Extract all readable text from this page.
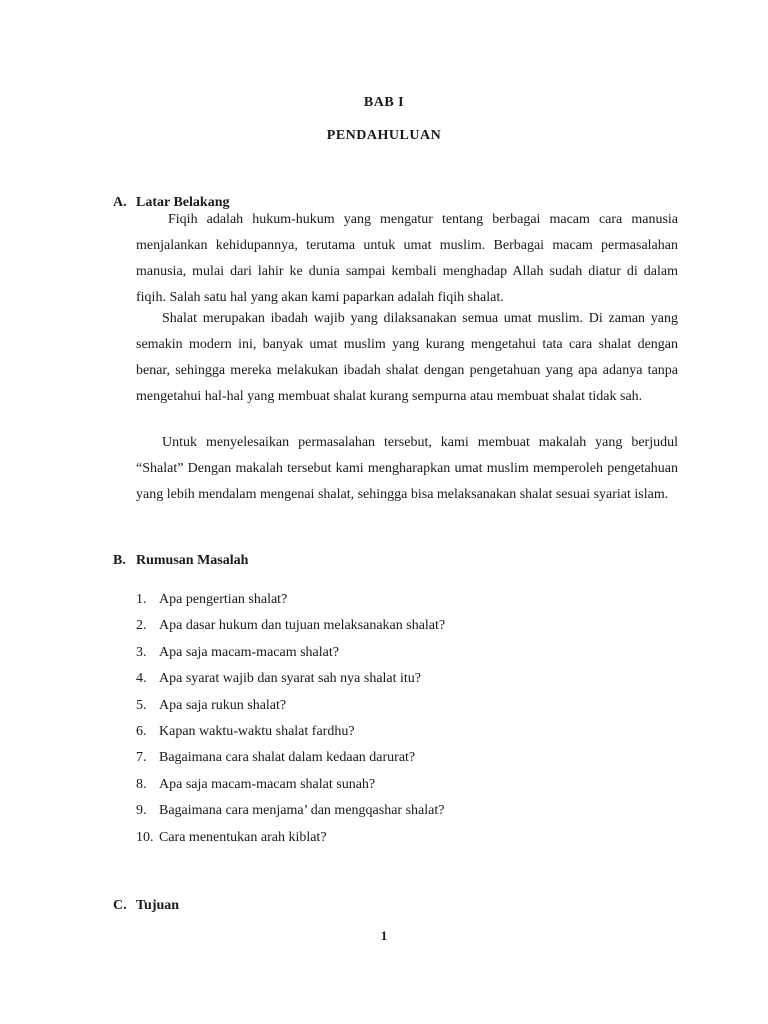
BAB I
PENDAHULUAN
A. Latar Belakang

Fiqih adalah hukum-hukum yang mengatur tentang berbagai macam cara manusia menjalankan kehidupannya, terutama untuk umat muslim. Berbagai macam permasalahan manusia, mulai dari lahir ke dunia sampai kembali menghadap Allah sudah diatur di dalam fiqih. Salah satu hal yang akan kami paparkan adalah fiqih shalat.

Shalat merupakan ibadah wajib yang dilaksanakan semua umat muslim. Di zaman yang semakin modern ini, banyak umat muslim yang kurang mengetahui tata cara shalat dengan benar, sehingga mereka melakukan ibadah shalat dengan pengetahuan yang apa adanya tanpa mengetahui hal-hal yang membuat shalat kurang sempurna atau membuat shalat tidak sah.

Untuk menyelesaikan permasalahan tersebut, kami membuat makalah yang berjudul “Shalat” Dengan makalah tersebut kami mengharapkan umat muslim memperoleh pengetahuan yang lebih mendalam mengenai shalat, sehingga bisa melaksanakan shalat sesuai syariat islam.

B. Rumusan Masalah
1. Apa pengertian shalat?
2. Apa dasar hukum dan tujuan melaksanakan shalat?
3. Apa saja macam-macam shalat?
4. Apa syarat wajib dan syarat sah nya shalat itu?
5. Apa saja rukun shalat?
6. Kapan waktu-waktu shalat fardhu?
7. Bagaimana cara shalat dalam kedaan darurat?
8. Apa saja macam-macam shalat sunah?
9. Bagaimana cara menjama’ dan mengqashar shalat?
10. Cara menentukan arah kiblat?
C. Tujuan
1
